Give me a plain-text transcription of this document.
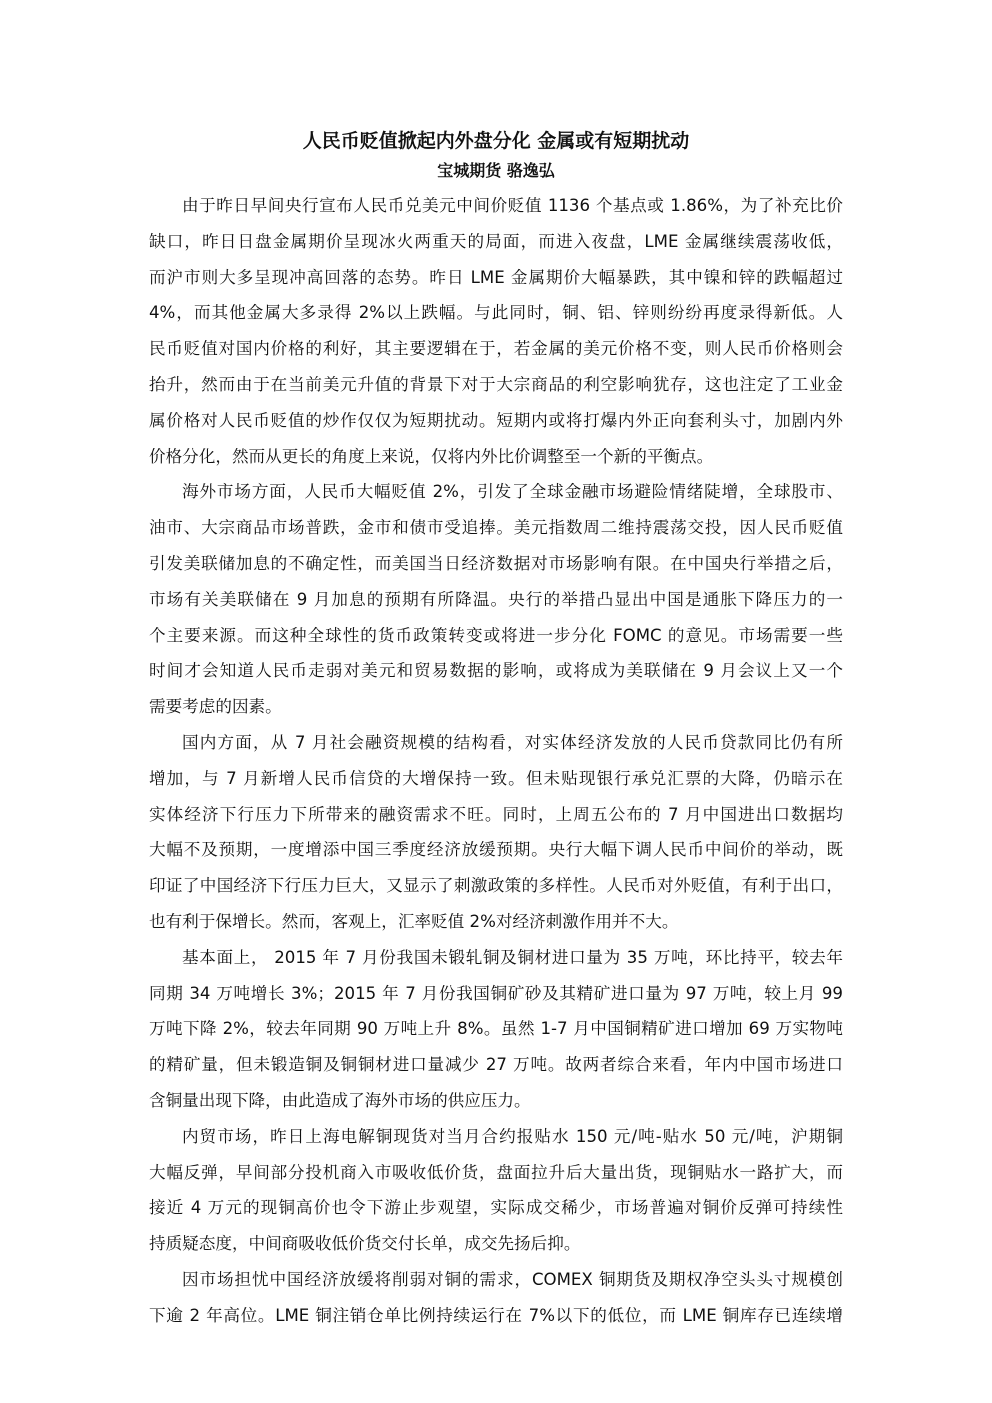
人民币贬值掀起内外盘分化 金属或有短期扰动
宝城期货 骆逸弘
由于昨日早间央行宣布人民币兑美元中间价贬值 1136 个基点或 1.86%，为了补充比价
缺口，昨日日盘金属期价呈现冰火两重天的局面，而进入夜盘，LME 金属继续震荡收低，
而沪市则大多呈现冲高回落的态势。昨日 LME 金属期价大幅暴跌，其中镍和锌的跌幅超过
4%，而其他金属大多录得 2%以上跌幅。与此同时，铜、铝、锌则纷纷再度录得新低。人
民币贬值对国内价格的利好，其主要逻辑在于，若金属的美元价格不变，则人民币价格则会
抬升，然而由于在当前美元升值的背景下对于大宗商品的利空影响犹存，这也注定了工业金
属价格对人民币贬值的炒作仅仅为短期扰动。短期内或将打爆内外正向套利头寸，加剧内外
价格分化，然而从更长的角度上来说，仅将内外比价调整至一个新的平衡点。
海外市场方面，人民币大幅贬值 2%，引发了全球金融市场避险情绪陡增，全球股市、
油市、大宗商品市场普跌，金市和债市受追捧。美元指数周二维持震荡交投，因人民币贬值
引发美联储加息的不确定性，而美国当日经济数据对市场影响有限。在中国央行举措之后，
市场有关美联储在 9 月加息的预期有所降温。央行的举措凸显出中国是通胀下降压力的一
个主要来源。而这种全球性的货币政策转变或将进一步分化 FOMC 的意见。市场需要一些
时间才会知道人民币走弱对美元和贸易数据的影响，或将成为美联储在 9 月会议上又一个
需要考虑的因素。
国内方面，从 7 月社会融资规模的结构看，对实体经济发放的人民币贷款同比仍有所
增加，与 7 月新增人民币信贷的大增保持一致。但未贴现银行承兑汇票的大降，仍暗示在
实体经济下行压力下所带来的融资需求不旺。同时，上周五公布的 7 月中国进出口数据均
大幅不及预期，一度增添中国三季度经济放缓预期。央行大幅下调人民币中间价的举动，既
印证了中国经济下行压力巨大，又显示了刺激政策的多样性。人民币对外贬值，有利于出口，
也有利于保增长。然而，客观上，汇率贬值 2%对经济刺激作用并不大。
基本面上， 2015 年 7 月份我国未锻轧铜及铜材进口量为 35 万吨，环比持平，较去年
同期 34 万吨增长 3%；2015 年 7 月份我国铜矿砂及其精矿进口量为 97 万吨，较上月 99
万吨下降 2%，较去年同期 90 万吨上升 8%。虽然 1-7 月中国铜精矿进口增加 69 万实物吨
的精矿量，但未锻造铜及铜铜材进口量减少 27 万吨。故两者综合来看，年内中国市场进口
含铜量出现下降，由此造成了海外市场的供应压力。
内贸市场，昨日上海电解铜现货对当月合约报贴水 150 元/吨-贴水 50 元/吨，沪期铜
大幅反弹，早间部分投机商入市吸收低价货，盘面拉升后大量出货，现铜贴水一路扩大，而
接近 4 万元的现铜高价也令下游止步观望，实际成交稀少，市场普遍对铜价反弹可持续性
持质疑态度，中间商吸收低价货交付长单，成交先扬后抑。
因市场担忧中国经济放缓将削弱对铜的需求，COMEX 铜期货及期权净空头头寸规模创
下逾 2 年高位。LME 铜注销仓单比例持续运行在 7%以下的低位，而 LME 铜库存已连续增
